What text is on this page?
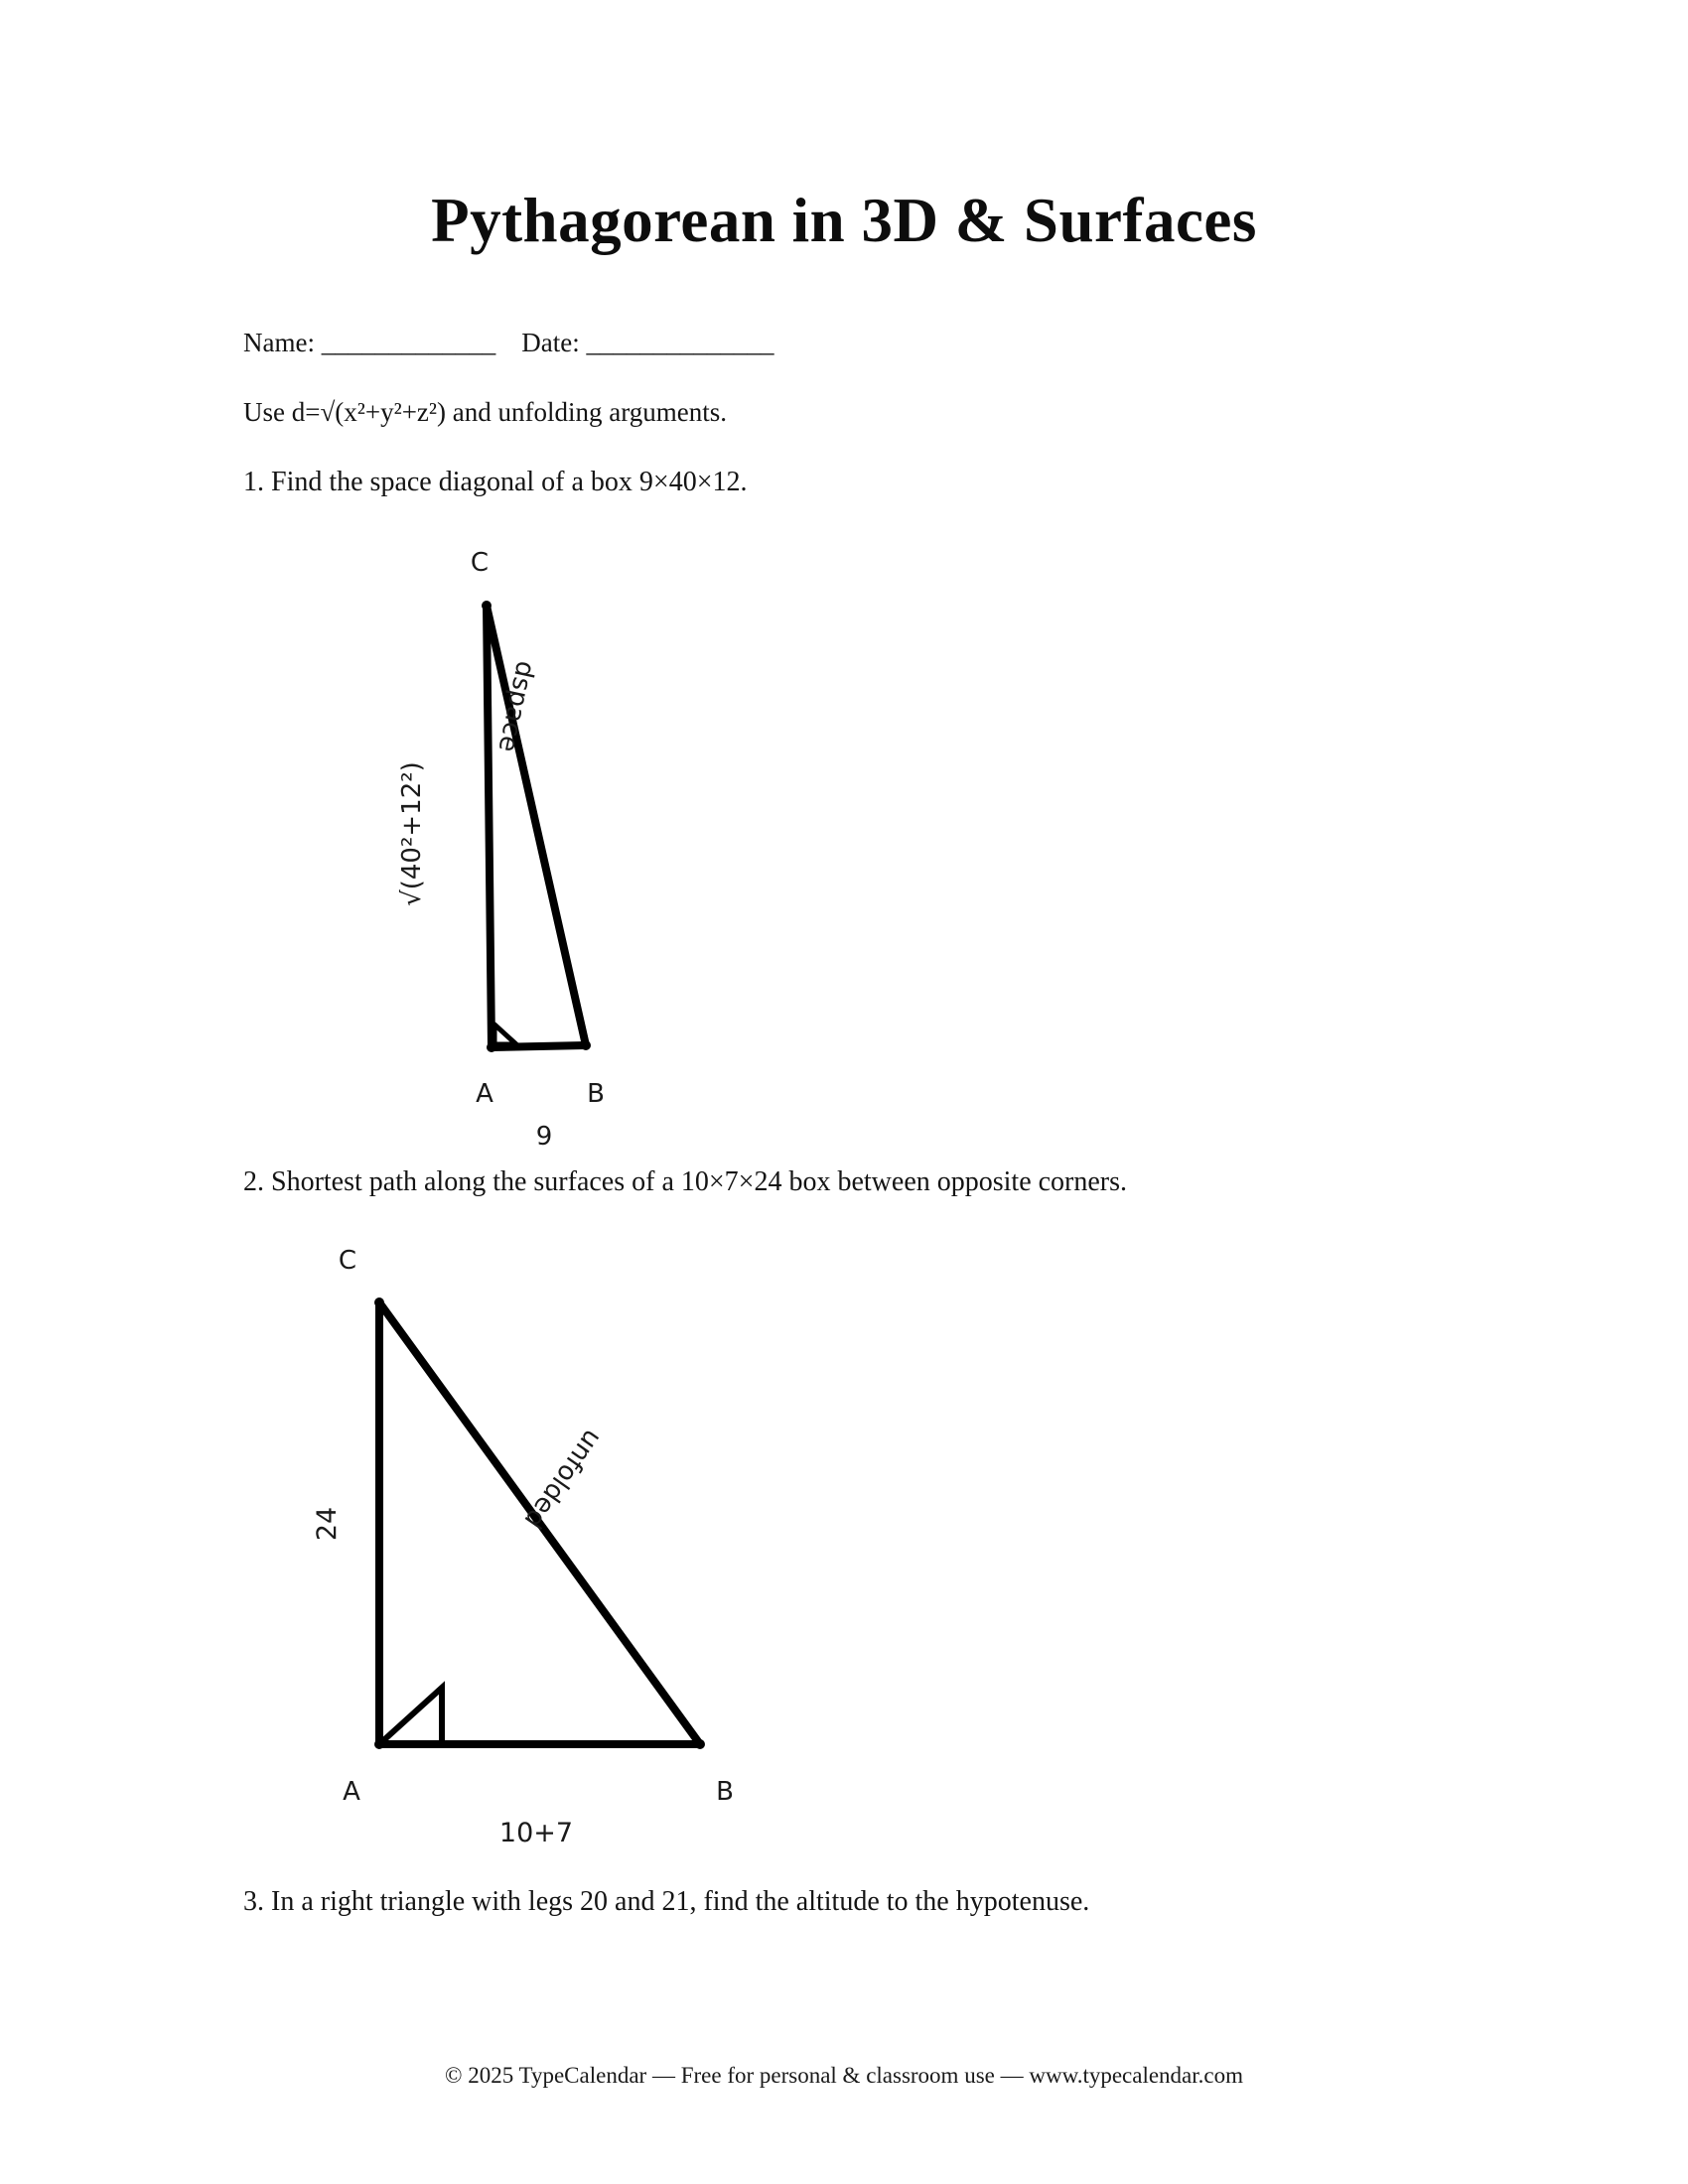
Pythagorean in 3D & Surfaces
Name: _____________ Date: ______________
Use d=√(x²+y²+z²) and unfolding arguments.
1. Find the space diagonal of a box 9×40×12.
C
A	B
9
√(40²+12²)
dspace
2. Shortest path along the surfaces of a 10×7×24 box between opposite corners.
C
A	B
10+7
24	unfolded
3. In a right triangle with legs 20 and 21, find the altitude to the hypotenuse.
© 2025 TypeCalendar — Free for personal & classroom use — www.typecalendar.com
